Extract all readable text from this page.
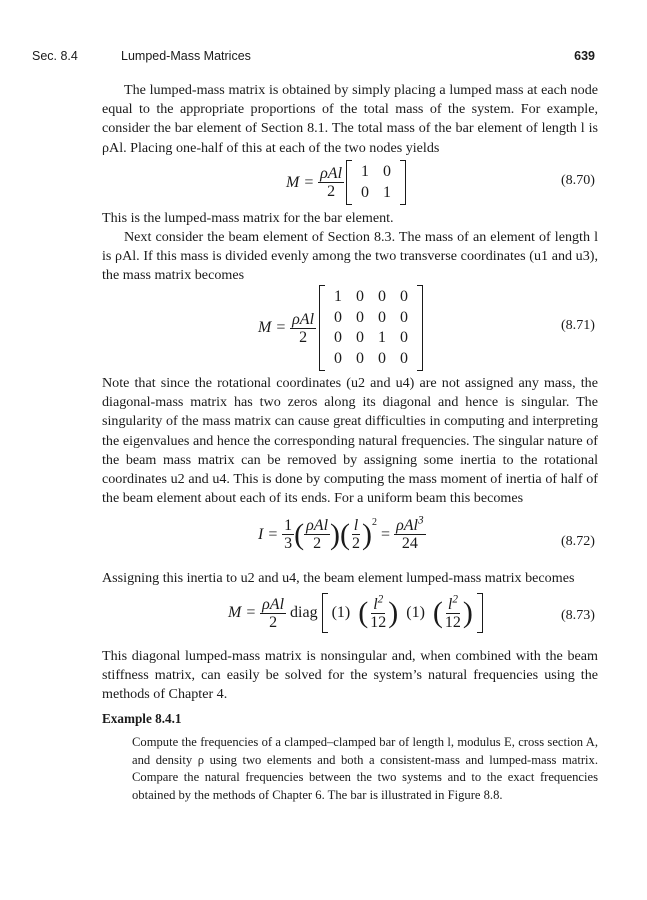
Sec. 8.4	Lumped-Mass Matrices	639

The lumped-mass matrix is obtained by simply placing a lumped mass at each node equal to the appropriate proportions of the total mass of the system. For example, consider the bar element of Section 8.1. The total mass of the bar element of length l is ρAl. Placing one-half of this at each of the two nodes yields

M =
$\frac{\text{ρAl}}{2}$	1 0
0 1
(8.70)

This is the lumped-mass matrix for the bar element.

Next consider the beam element of Section 8.3. The mass of an element of length l is ρAl. If this mass is divided evenly among the two transverse coordinates (u1 and u3), the mass matrix becomes

M =
$\frac{\text{ρAl}}{2}$
1 0 0 0
0 0 0 0
0 0 1 0
0 0 0 0
(8.71)

Note that since the rotational coordinates (u2 and u4) are not assigned any mass, the diagonal-mass matrix has two zeros along its diagonal and hence is singular. The singularity of the mass matrix can cause great difficulties in computing and interpreting the eigenvalues and hence the corresponding natural frequencies. The singular nature of the beam mass matrix can be removed by assigning some inertia to the rotational coordinates u2 and u4. This is done by computing the mass moment of inertia of half of the beam element about each of its ends. For a uniform beam this becomes

I =
$\frac{1}{3}$ ( $\frac{\text{ρAl}}{2}$ ) ( $\frac{l}{2} )^2$

=
$\frac{\rho Al^3}{24}$	(8.72)

Assigning this inertia to u2 and u4, the beam element lumped-mass matrix becomes

M =
$\frac{\text{ρAl}}{2}$
diag
(1)
( $\frac{l^2}{12}$ )
(1)
( $\frac{l^2}{12}$ )	(8.73)

This diagonal lumped-mass matrix is nonsingular and, when combined with the beam stiffness matrix, can easily be solved for the system’s natural frequencies using the methods of Chapter 4.

Example 8.4.1

Compute the frequencies of a clamped–clamped bar of length l, modulus E, cross section A, and density ρ using two elements and both a consistent-mass and lumped-mass matrix. Compare the natural frequencies between the two systems and to the exact frequencies obtained by the methods of Chapter 6. The bar is illustrated in Figure 8.8.
